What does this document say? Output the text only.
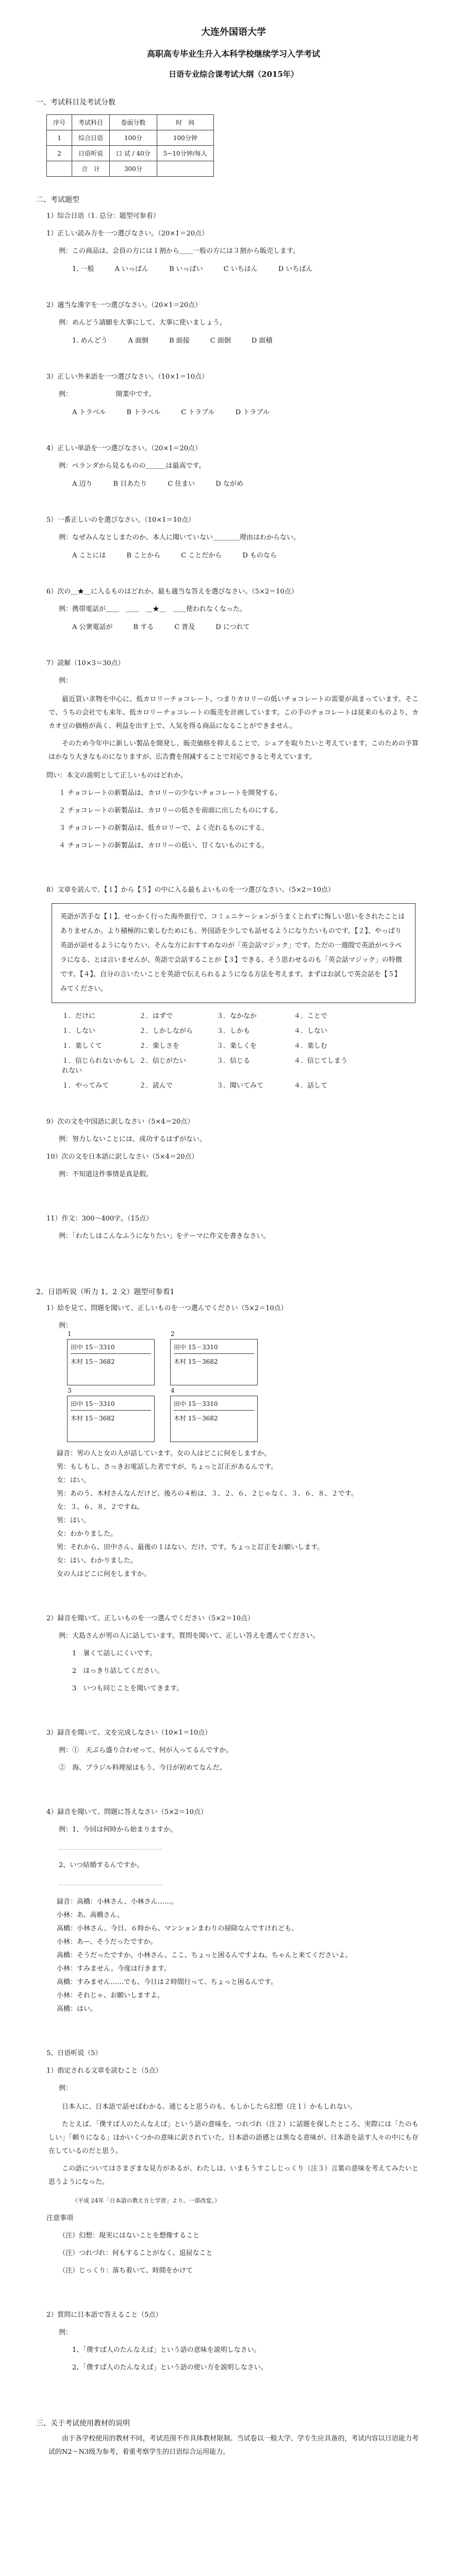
大连外国语大学
高职高专毕业生升入本科学校继续学习入学考试
日语专业综合课考试大纲（2015年）
一、考试科目及考试分数
序号	考试科目	卷面分数	时　间
1	综合日语	100分	100分钟
2	日语听说	口 试 / 40分	5~10分钟/每人
	合　计	300分	
二、考试题型
1）综合日语（1. 总分：题型可参看）
1）正しい読み方を一つ選びなさい。（20×1＝20点）
例：この商品は、会員の方には１割から＿＿一般の方には３割から販売します。
1. 一般	A いっぱん	B いっぱい	C いちはん	D いちばん
2）適当な漢字を一つ選びなさい。（20×1＝20点）
例：めんどう請願を大事にして、大事に使いましょう。
1. めんどう	A 面倒	B 面接	C 面倒	D 面積
3）正しい外来語を一つ選びなさい。（10×1＝10点）
例：　　　　　　　開業中です。
A トラベル	B トラベル	C トラブル	D トラブル
4）正しい単語を一つ選びなさい。（20×1＝20点）
例：ペランダから見るものの＿＿＿は最高です。
A 辺り	B 日あたり	C 住まい	D ながめ
5）一番正しいのを選びなさい。（10×1＝10点）
例：なぜみんなとしまたのか、本人に聞いていない＿＿＿＿理由はわからない。
A ことには	B ことから	C ことだから	D ものなら
6）次の＿★＿に入るものはどれか。最も適当な答えを選びなさい。（5×2＝10点）
例：携帯電話が＿＿　＿＿　＿★＿　＿＿使われなくなった。
A 公衆電話が	B する	C 普及	D につれて
7）読解（10×3＝30点）
例：
最近買い求物を中心に、低カロリーチョコレート、つまりカロリーの低いチョコレートの需要が高まっています。そこで、うちの会社でも来年、低カロリーチョコレートの販売を計画しています。この手のチョコレートは従来のものより、カカオ豆の価格が高く、利益を出す上で、人気を得る商品になることができません。
そのため今年中に新しい製品を開発し、販売価格を抑えることで、シェアを取りたいと考えています。このための予算はかなり大きなものになりますが、広告費を削減することで対応できると考えています。
問い：本文の説明として正しいものはどれか。
１ チョコレートの新製品は、カロリーの少ないチョコレートを開発する。
２ チョコレートの新製品は、カロリーの低さを前面に出したものにする。
３ チョコレートの新製品は、低カロリーで、よく売れるものにする。
４ チョコレートの新製品は、カロリーの低い、甘くないものにする。
8）文章を読んで、【１】から【５】の中に入る最もよいものを一つ選びなさい。（5×2＝10点）
英語が苦手な【１】、せっかく行った海外旅行で、コミュニケーションがうまくとれずに悔しい思いをされたことはありませんか。より積極的に楽しむためにも、外国語を少しでも話せるようになりたいものです。【２】、やっぱり英語が話せるようになりたい、そんな方におすすめなのが「英会話マジック」です。ただの一週間で英語がペラペラになる、とは言いませんが、英語で会話することが【３】できる、そう思わせるのも「英会話マジック」の特徴です。【４】、自分の言いたいことを英語で伝えられるようになる方法を考えます。まずはお試しで英会話を【５】みてください。
１．だけに	２．はずで	３．なかなか	４．ことで
１．しない	２．しかしながら	３．しかも	４．しない
１．楽しくて	２．楽しさを	３．楽しくを	４．楽しむ
１．信じられないかもしれない
２．信じがたい	３．信じる	４．信じてしまう
１．やってみて	２．読んで	３．聞いてみて	４．話して
9）次の文を中国語に訳しなさい（5×4＝20点）
例：努力しないことには、成功するはずがない。
10）次の文を日本語に訳しなさい（5×4＝20点）
例：不知道这件事情是真是假。
11）作文：300～400字。（15点）
例：「わたしはこんなふうになりたい」をテーマに作文を書きなさい。
2、日语听说（听力 1、2 文）题型可参看1
1）絵を見て、問題を聞いて、正しいものを一つ選んでください（5×2＝10点）
例：
1
田中 15－3310
木村 15－3682
2
田中 15－3310
木村 15－3682
3
田中 15－3310
木村 15－3682
4
田中 15－3310
木村 15－3682
録音：男の人と女の人が話しています。女の人はどこに何をしますか。
男：もしもし、さっきお電話した者ですが、ちょっと訂正があるんです。
女：はい。
男：あのう、木村さんなんだけど、後ろの４桁は、３、２、６、２じゃなく、３、６、８、２です。
女：３、６、８、２ですね。
男：はい。
女：わかりました。
男：それから、田中さん、最後の１はない、だけ、です。ちょっと訂正をお願いします。
女：はい、わかりました。
女の人はどこに何をしますか。
2）録音を聞いて、正しいものを一つ選んでください（5×2＝10点）
例：大島さんが男の人に話しています。質問を聞いて、正しい答えを選んでください。
1　暑くて話しにくいです。
2　はっきり話してください。
3　いつも同じことを聞いてきます。
3）録音を聞いて、文を完成しなさい（10×1＝10点）
例：①　天ぷら盛り合わせって、何が入ってるんですか。
②　海、ブラジル料理屋はもう、今日が初めてなんだ。
4）録音を聞いて、問題に答えなさい（5×2＝10点）
例：1、今回は何時から始まりますか。
2、いつ結婚するんですか。
録音：高橋：小林さん、小林さん……。
小林：あ、高橋さん。
高橋：小林さん、今日、６時から、マンションまわりの掃除なんですけれども、
小林：あー、そうだったですか。
高橋：そうだったですか。小林さん、ここ、ちょっと困るんですよね。ちゃんと来てくださいよ。
小林：すみません。今度は行きます。
高橋：すみません……でも、今日は２時間行って、ちょっと困るんです。
小林：それじゃ、お願いしますよ。
高橋：はい。
5、日语听说（5）
1）指定される文章を読むこと（5点）
例：
日本人に、日本語で話せばわかる、通じると思うのも、もしかしたら幻想（注１）かもしれない。
たとえば、「僕すば人のたんなえば」という語の意味を、つれづれ（注２）に話題を探したところ、実際には「たのもしい」「頼りになる」ほかいくつかの意味に訳されていた。日本語の語感とは異なる意味が、日本語を話す人々の中にも存在しているのだと思う。
この語についてはさまざまな見方があるが、わたしは、いまもうすこしじっくり（注３）言葉の意味を考えてみたいと思うようになった。
（平成 24年「日本語の教え方と学習」より。一部改変。）
注意事項
（注）幻想：現実にはないことを想像すること
（注）つれづれ：何もすることがなく、退屈なこと
（注）じっくり：落ち着いて、時間をかけて
2）質問に日本語で答えること（5点）
例：
1、「僕すば人のたんなえば」という語の意味を説明しなさい。
2、「僕すば人のたんなえば」という語の使い方を説明しなさい。
三、关于考试使用教材的说明
由于各学校使用的教材不同，考试范围不作具体教材限制。当试卷以一般大学、学专生应具备的，考试内容以日语能力考试的N2～N3级为参考，着重考察学生的日语综合运用能力。
